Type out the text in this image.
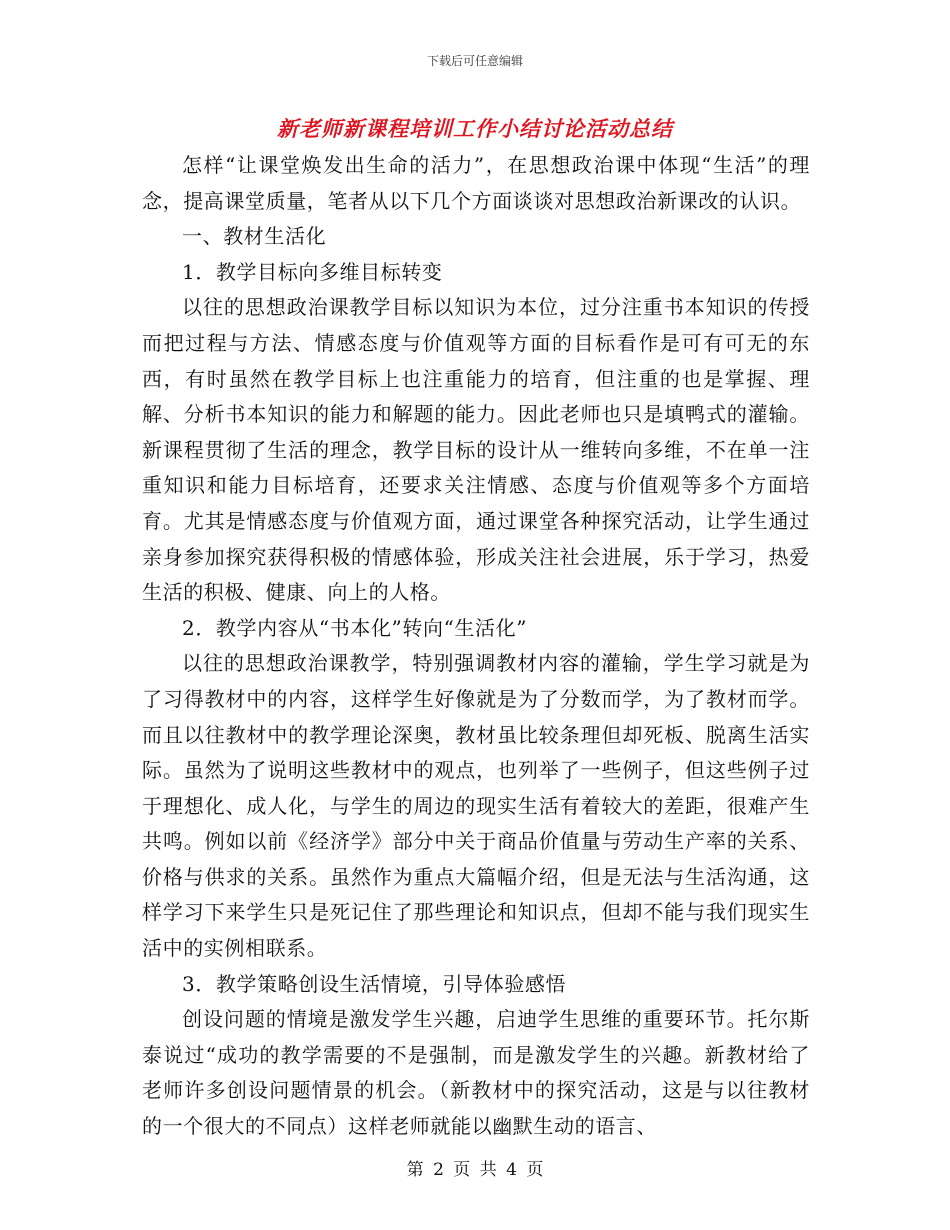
下载后可任意编辑
新老师新课程培训工作小结讨论活动总结

怎样“让课堂焕发出生命的活力”，在思想政治课中体现“生活”的理念，提高课堂质量，笔者从以下几个方面谈谈对思想政治新课改的认识。

一、教材生活化

1．教学目标向多维目标转变

以往的思想政治课教学目标以知识为本位，过分注重书本知识的传授而把过程与方法、情感态度与价值观等方面的目标看作是可有可无的东西，有时虽然在教学目标上也注重能力的培育，但注重的也是掌握、理解、分析书本知识的能力和解题的能力。因此老师也只是填鸭式的灌输。新课程贯彻了生活的理念，教学目标的设计从一维转向多维，不在单一注重知识和能力目标培育，还要求关注情感、态度与价值观等多个方面培育。尤其是情感态度与价值观方面，通过课堂各种探究活动，让学生通过亲身参加探究获得积极的情感体验，形成关注社会进展，乐于学习，热爱生活的积极、健康、向上的人格。

2．教学内容从“书本化”转向“生活化”

以往的思想政治课教学，特别强调教材内容的灌输，学生学习就是为了习得教材中的内容，这样学生好像就是为了分数而学，为了教材而学。而且以往教材中的教学理论深奥，教材虽比较条理但却死板、脱离生活实际。虽然为了说明这些教材中的观点，也列举了一些例子，但这些例子过于理想化、成人化，与学生的周边的现实生活有着较大的差距，很难产生共鸣。例如以前《经济学》部分中关于商品价值量与劳动生产率的关系、价格与供求的关系。虽然作为重点大篇幅介绍，但是无法与生活沟通，这样学习下来学生只是死记住了那些理论和知识点，但却不能与我们现实生活中的实例相联系。

3．教学策略创设生活情境，引导体验感悟

创设问题的情境是激发学生兴趣，启迪学生思维的重要环节。托尔斯泰说过“成功的教学需要的不是强制，而是激发学生的兴趣。新教材给了老师许多创设问题情景的机会。（新教材中的探究活动，这是与以往教材的一个很大的不同点）这样老师就能以幽默生动的语言、

第 2 页 共 4 页
